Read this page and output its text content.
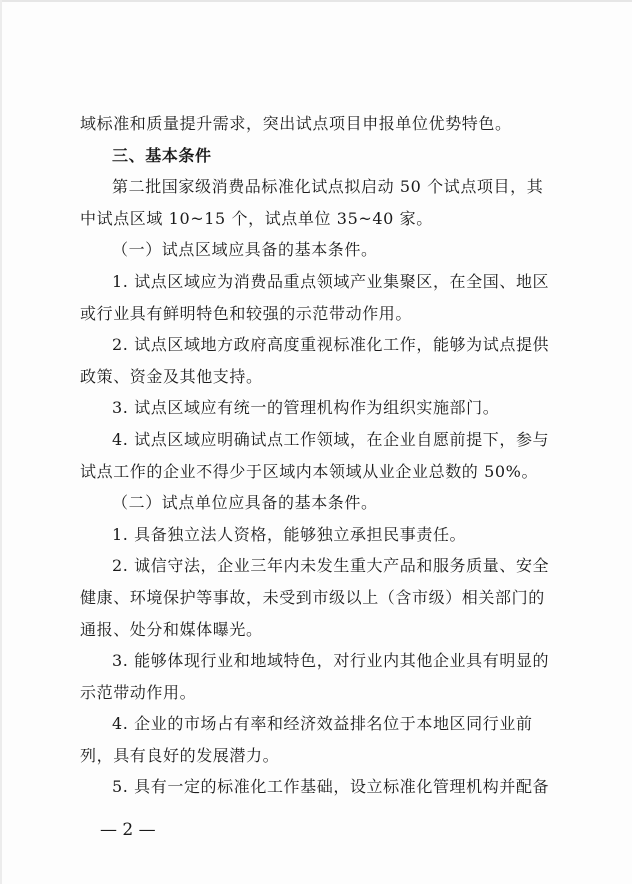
域标准和质量提升需求，突出试点项目申报单位优势特色。
三、基本条件
第二批国家级消费品标准化试点拟启动 50 个试点项目，其
中试点区域 10~15 个，试点单位 35~40 家。
（一）试点区域应具备的基本条件。
1. 试点区域应为消费品重点领域产业集聚区，在全国、地区
或行业具有鲜明特色和较强的示范带动作用。
2. 试点区域地方政府高度重视标准化工作，能够为试点提供
政策、资金及其他支持。
3. 试点区域应有统一的管理机构作为组织实施部门。
4. 试点区域应明确试点工作领域，在企业自愿前提下，参与
试点工作的企业不得少于区域内本领域从业企业总数的 50%。
（二）试点单位应具备的基本条件。
1. 具备独立法人资格，能够独立承担民事责任。
2. 诚信守法，企业三年内未发生重大产品和服务质量、安全
健康、环境保护等事故，未受到市级以上（含市级）相关部门的
通报、处分和媒体曝光。
3. 能够体现行业和地域特色，对行业内其他企业具有明显的
示范带动作用。
4. 企业的市场占有率和经济效益排名位于本地区同行业前
列，具有良好的发展潜力。
5. 具有一定的标准化工作基础，设立标准化管理机构并配备
— 2 —
